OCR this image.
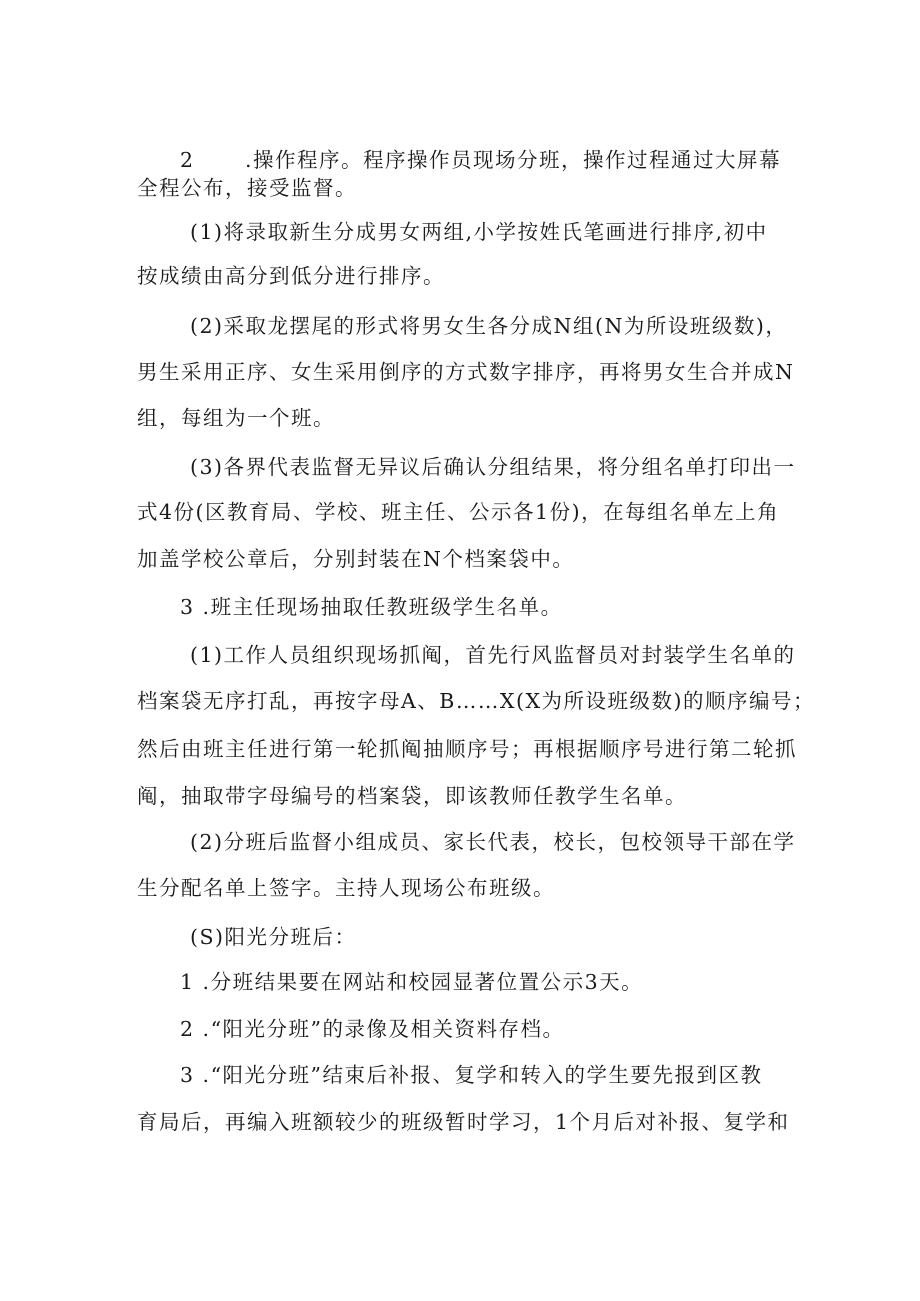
2 .操作程序。程序操作员现场分班，操作过程通过大屏幕
全程公布，接受监督。
(1)将录取新生分成男女两组,小学按姓氏笔画进行排序,初中
按成绩由高分到低分进行排序。
(2)采取龙摆尾的形式将男女生各分成N组(N为所设班级数)，
男生采用正序、女生采用倒序的方式数字排序，再将男女生合并成N
组，每组为一个班。
(3)各界代表监督无异议后确认分组结果，将分组名单打印出一
式4份(区教育局、学校、班主任、公示各1份)，在每组名单左上角
加盖学校公章后，分别封装在N个档案袋中。
3 .班主任现场抽取任教班级学生名单。
(1)工作人员组织现场抓阄，首先行风监督员对封装学生名单的
档案袋无序打乱，再按字母A、B……X(X为所设班级数)的顺序编号；
然后由班主任进行第一轮抓阄抽顺序号；再根据顺序号进行第二轮抓
阄，抽取带字母编号的档案袋，即该教师任教学生名单。
(2)分班后监督小组成员、家长代表，校长，包校领导干部在学
生分配名单上签字。主持人现场公布班级。
(S)阳光分班后：
1 .分班结果要在网站和校园显著位置公示3天。
2 .“阳光分班”的录像及相关资料存档。
3 .“阳光分班”结束后补报、复学和转入的学生要先报到区教
育局后，再编入班额较少的班级暂时学习，1个月后对补报、复学和
